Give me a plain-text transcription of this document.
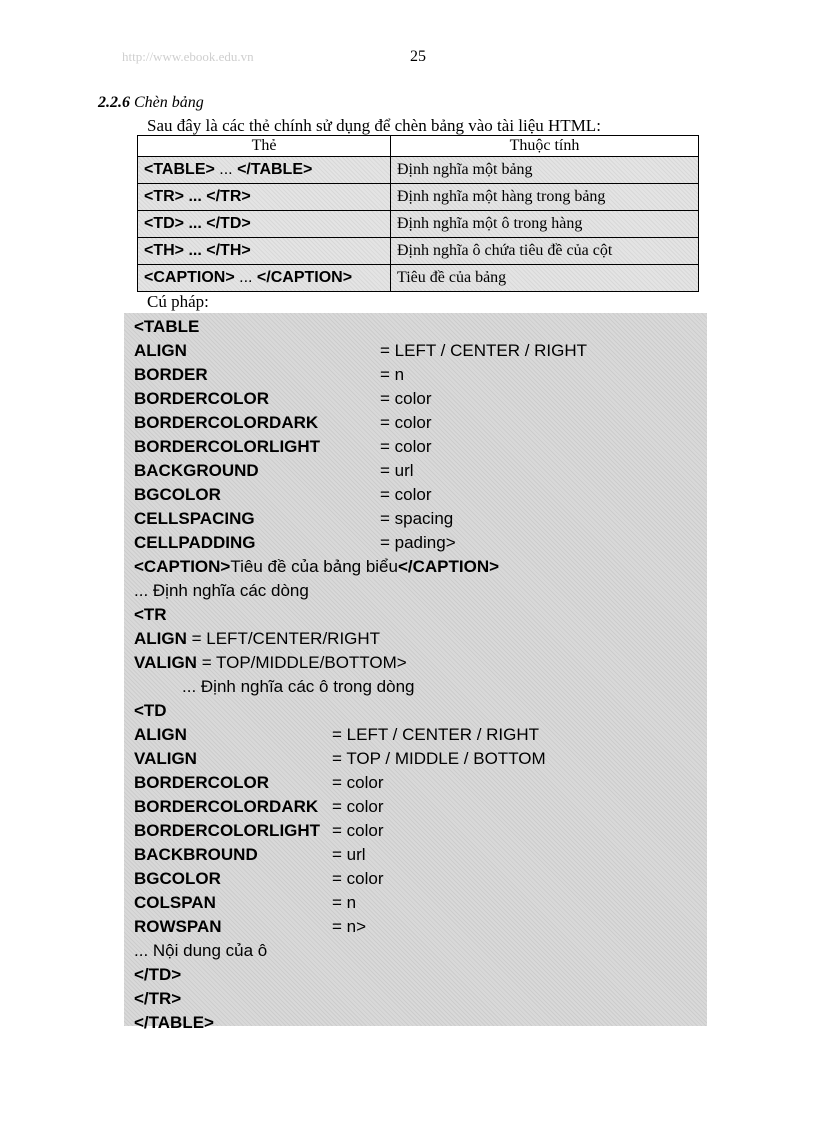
http://www.ebook.edu.vn	25
2.2.6 Chèn bảng
Sau đây là các thẻ chính sử dụng để chèn bảng vào tài liệu HTML:
Thẻ	Thuộc tính
<TABLE> ... </TABLE>	Định nghĩa một bảng
<TR> ... </TR>	Định nghĩa một hàng trong bảng
<TD> ... </TD>	Định nghĩa một ô trong hàng
<TH> ... </TH>	Định nghĩa ô chứa tiêu đề của cột
<CAPTION> ... </CAPTION>	Tiêu đề của bảng
Cú pháp:
<TABLE
ALIGN	= LEFT / CENTER / RIGHT
BORDER	= n
BORDERCOLOR	= color
BORDERCOLORDARK	= color
BORDERCOLORLIGHT	= color
BACKGROUND	= url
BGCOLOR	= color
CELLSPACING	= spacing
CELLPADDING	= pading>
<CAPTION>Tiêu đề của bảng biểu</CAPTION>
... Định nghĩa các dòng
<TR
ALIGN = LEFT/CENTER/RIGHT
VALIGN = TOP/MIDDLE/BOTTOM>
... Định nghĩa các ô trong dòng
<TD
ALIGN	= LEFT / CENTER / RIGHT
VALIGN	= TOP / MIDDLE / BOTTOM
BORDERCOLOR	= color
BORDERCOLORDARK = color
BORDERCOLORLIGHT = color
BACKBROUND	= url
BGCOLOR	= color
COLSPAN	= n
ROWSPAN	= n>
... Nội dung của ô
</TD>
</TR>
</TABLE>
